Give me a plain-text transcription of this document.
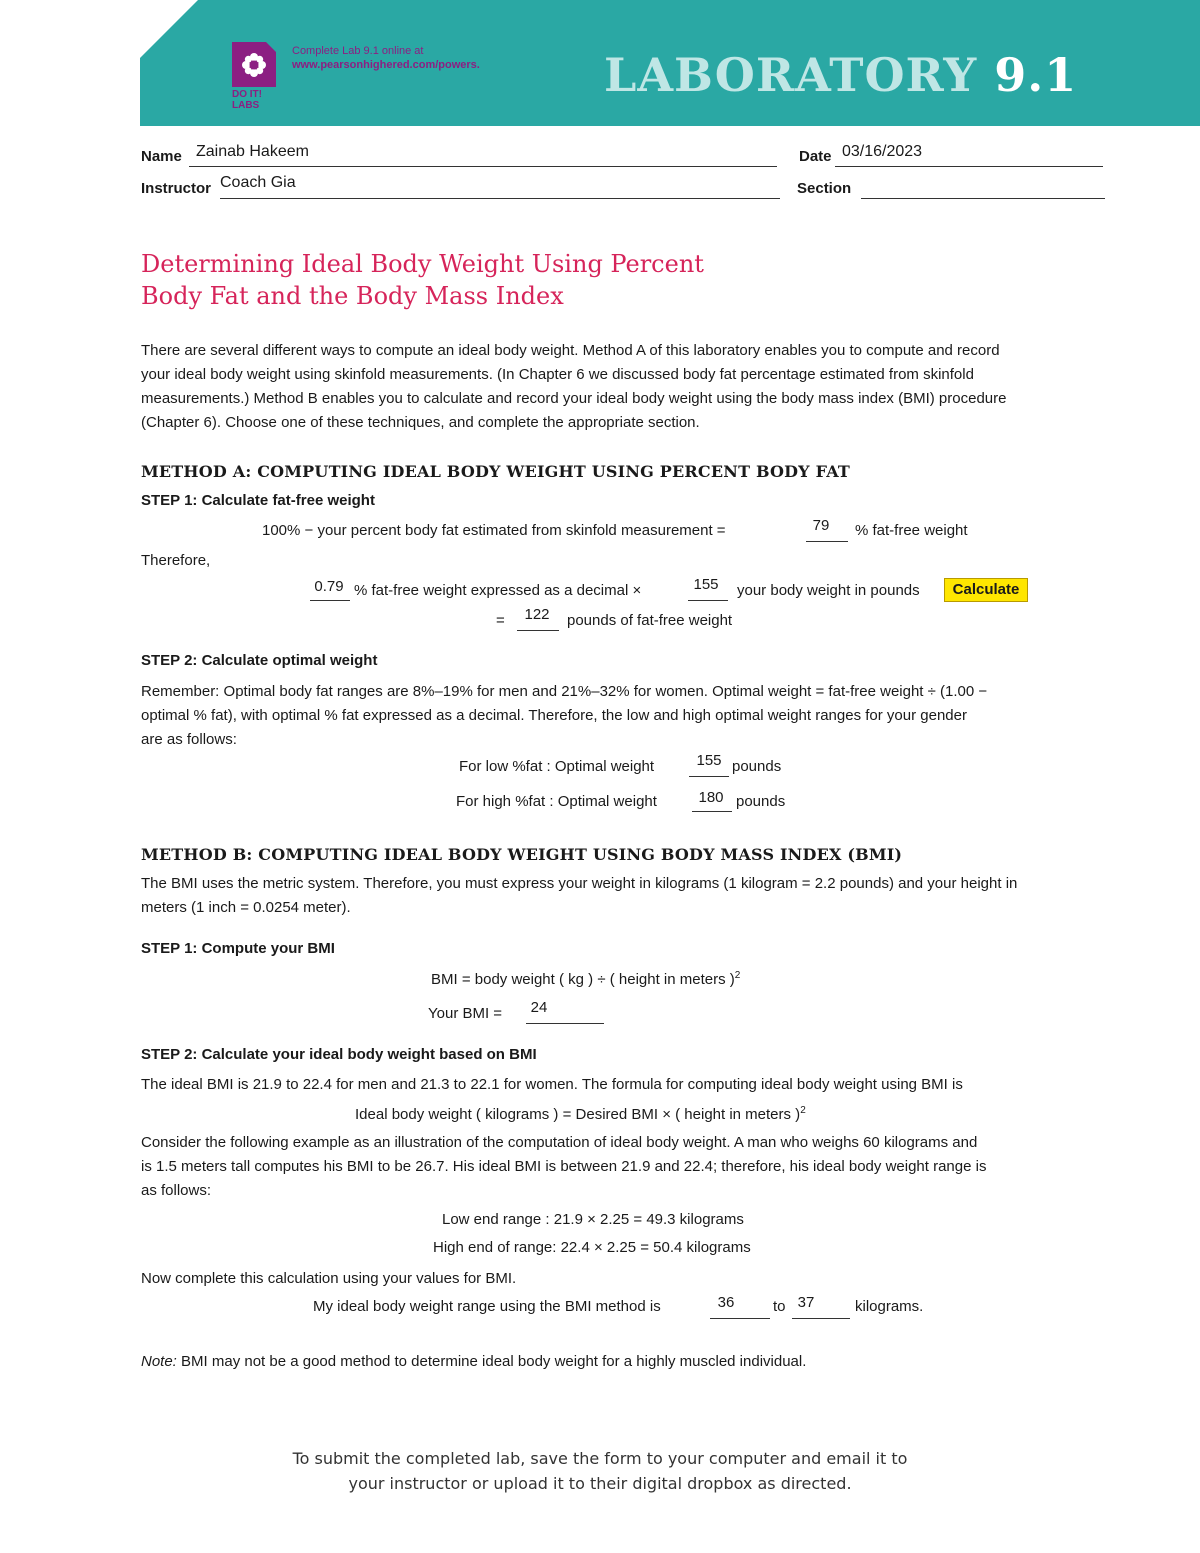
DO IT!
LABS
Complete Lab 9.1 online at
www.pearsonhighered.com/powers.	LABORATORY 9.1
Name Zainab Hakeem	Date 03/16/2023
Instructor Coach Gia	Section
Determining Ideal Body Weight Using Percent
Body Fat and the Body Mass Index
There are several different ways to compute an ideal body weight. Method A of this laboratory enables you to compute and record
your ideal body weight using skinfold measurements. (In Chapter 6 we discussed body fat percentage estimated from skinfold
measurements.) Method B enables you to calculate and record your ideal body weight using the body mass index (BMI) procedure
(Chapter 6). Choose one of these techniques, and complete the appropriate section.
METHOD A: COMPUTING IDEAL BODY WEIGHT USING PERCENT BODY FAT
STEP 1: Calculate fat-free weight
100% − your percent body fat estimated from skinfold measurement =	79	% fat-free weight
Therefore,
0.79 % fat-free weight expressed as a decimal ×	155	your body weight in pounds	Calculate
=	122	pounds of fat-free weight
STEP 2: Calculate optimal weight
Remember: Optimal body fat ranges are 8%–19% for men and 21%–32% for women. Optimal weight = fat-free weight ÷ (1.00 −
optimal % fat), with optimal % fat expressed as a decimal. Therefore, the low and high optimal weight ranges for your gender
are as follows:
For low %fat : Optimal weight	155 pounds
For high %fat : Optimal weight	180 pounds
METHOD B: COMPUTING IDEAL BODY WEIGHT USING BODY MASS INDEX (BMI)
The BMI uses the metric system. Therefore, you must express your weight in kilograms (1 kilogram = 2.2 pounds) and your height in
meters (1 inch = 0.0254 meter).
STEP 1: Compute your BMI
BMI = body weight ( kg ) ÷ ( height in meters )$^2$
Your BMI =	24
STEP 2: Calculate your ideal body weight based on BMI
The ideal BMI is 21.9 to 22.4 for men and 21.3 to 22.1 for women. The formula for computing ideal body weight using BMI is
Ideal body weight ( kilograms ) = Desired BMI × ( height in meters )$^2$
Consider the following example as an illustration of the computation of ideal body weight. A man who weighs 60 kilograms and
is 1.5 meters tall computes his BMI to be 26.7. His ideal BMI is between 21.9 and 22.4; therefore, his ideal body weight range is
as follows:
Low end range : 21.9 × 2.25 = 49.3 kilograms
High end of range: 22.4 × 2.25 = 50.4 kilograms
Now complete this calculation using your values for BMI.
My ideal body weight range using the BMI method is	36	to 37	kilograms.
Note: BMI may not be a good method to determine ideal body weight for a highly muscled individual.
To submit the completed lab, save the form to your computer and email it to
your instructor or upload it to their digital dropbox as directed.
